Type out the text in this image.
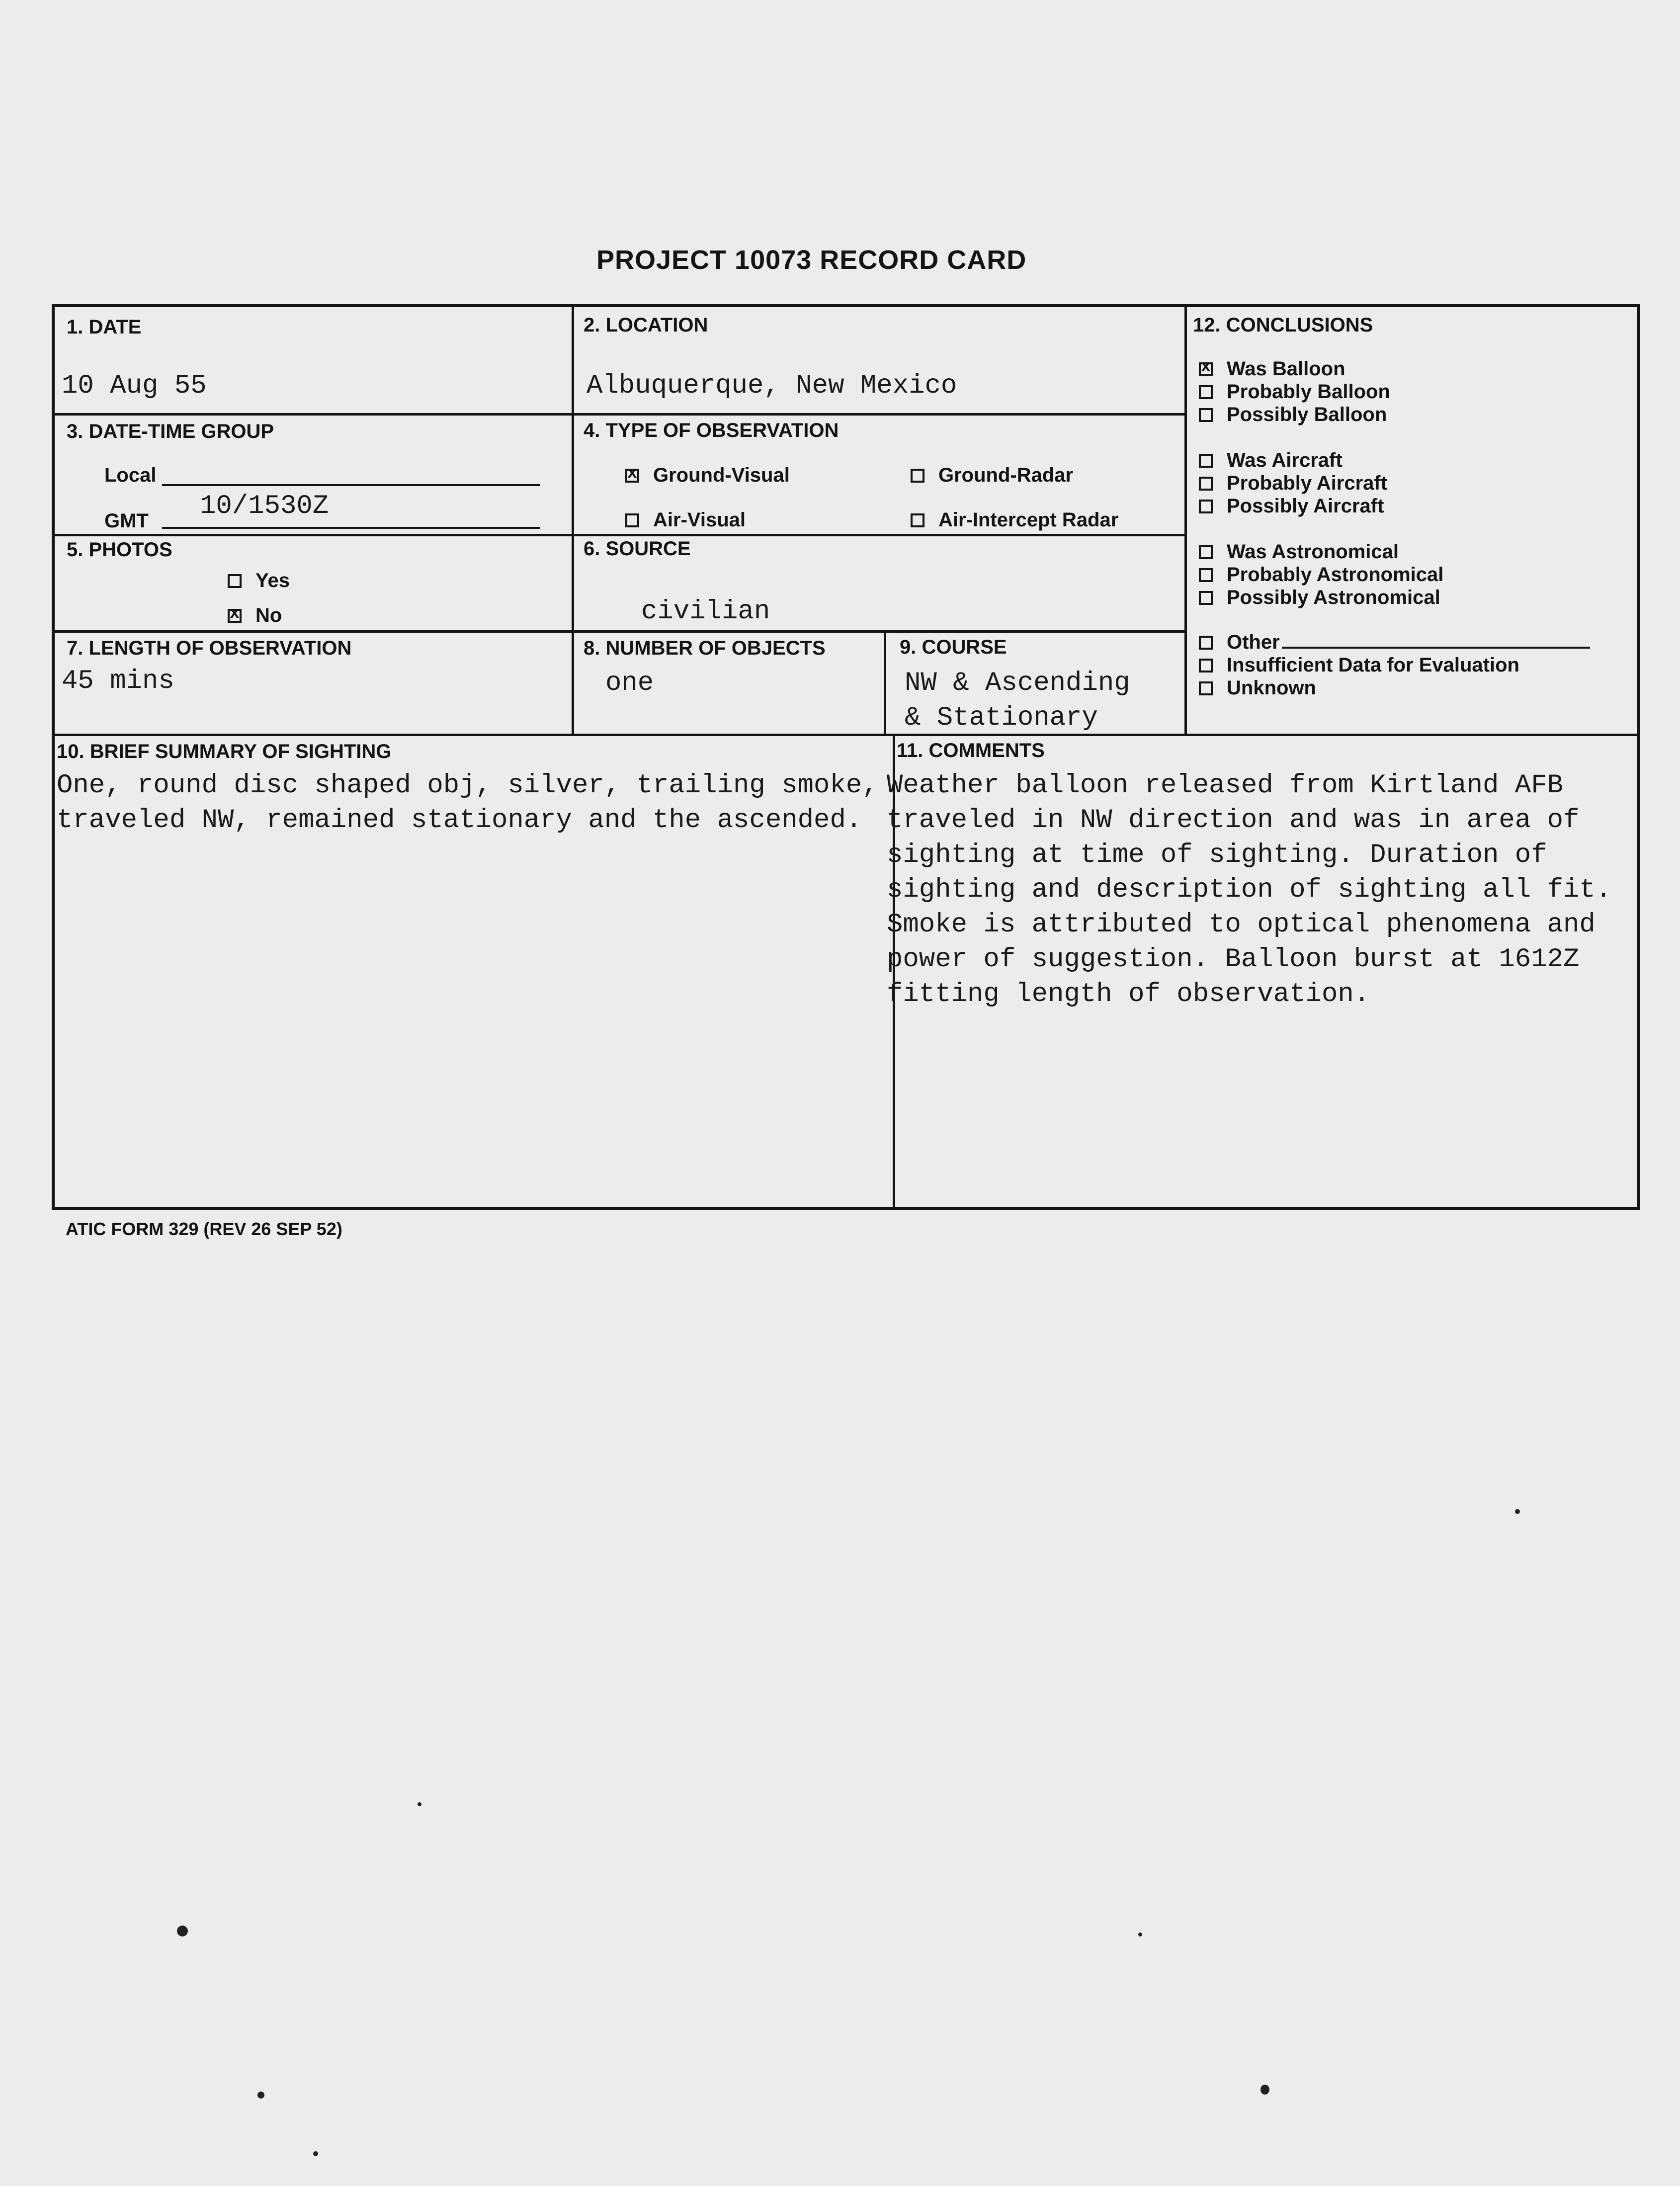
PROJECT 10073 RECORD CARD
1. DATE
10 Aug 55
2. LOCATION
Albuquerque, New Mexico
3. DATE-TIME GROUP
Local
GMT 10/1530Z
4. TYPE OF OBSERVATION
xGround-Visual	Ground-Radar
Air-Visual	Air-Intercept Radar
5. PHOTOS
Yes
xNo
6. SOURCE
civilian
7. LENGTH OF OBSERVATION
45 mins
8. NUMBER OF OBJECTS
one
9. COURSE
NW & Ascending
& Stationary
12. CONCLUSIONS
xWas Balloon
Probably Balloon
Possibly Balloon
Was Aircraft
Probably Aircraft
Possibly Aircraft
Was Astronomical
Probably Astronomical
Possibly Astronomical
Other
Insufficient Data for Evaluation
Unknown
10. BRIEF SUMMARY OF SIGHTING
One, round disc shaped obj, silver, trailing smoke, traveled NW, remained stationary and the ascended.
11. COMMENTS
Weather balloon released from Kirtland AFB traveled in NW direction and was in area of sighting at time of sighting. Duration of sighting and description of sighting all fit. Smoke is attributed to optical phenomena and power of suggestion. Balloon burst at 1612Z fitting length of observation.
ATIC FORM 329 (REV 26 SEP 52)
